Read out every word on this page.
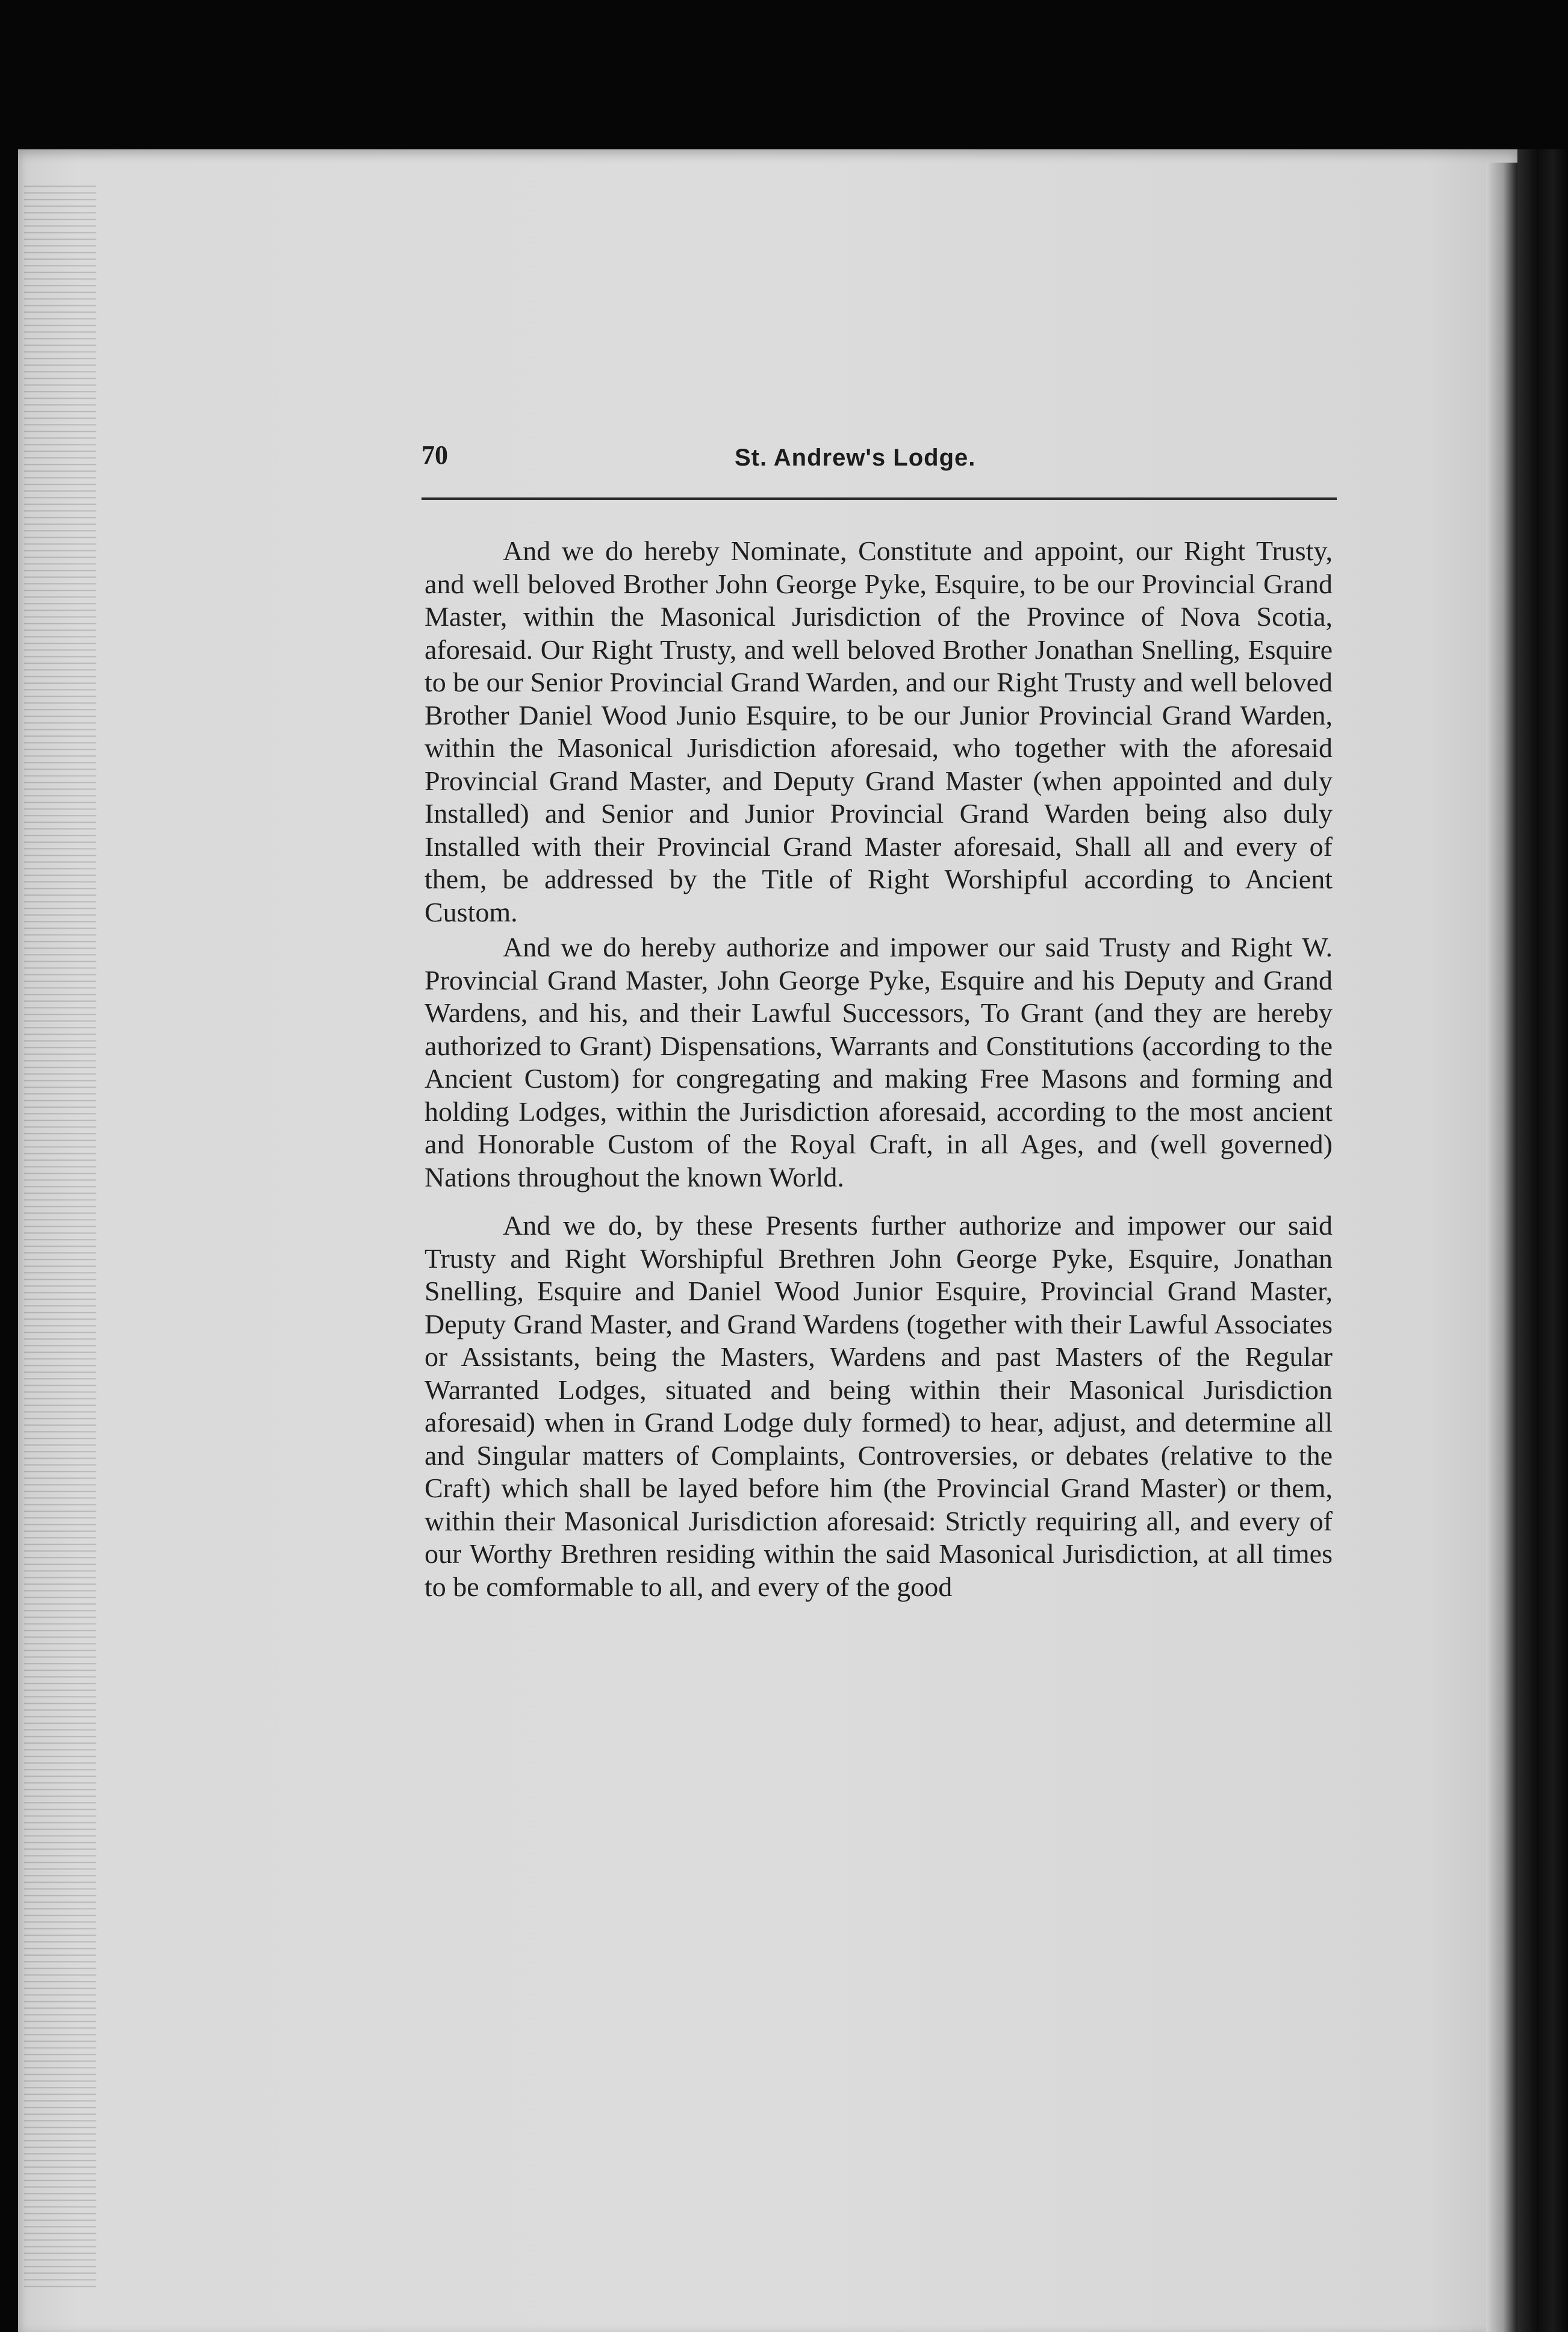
70	St. Andrew's Lodge.

And we do hereby Nominate, Constitute and appoint, our Right Trusty, and well beloved Brother John George Pyke, Esquire, to be our Provincial Grand Master, within the Masonical Jurisdiction of the Province of Nova Scotia, aforesaid. Our Right Trusty, and well beloved Brother Jonathan Snelling, Esquire to be our Senior Provincial Grand Warden, and our Right Trusty and well beloved Brother Daniel Wood Junio Esquire, to be our Junior Provincial Grand Warden, within the Masonical Jurisdiction aforesaid, who together with the aforesaid Provincial Grand Master, and Deputy Grand Master (when appointed and duly Installed) and Senior and Junior Provincial Grand Warden being also duly Installed with their Provincial Grand Master aforesaid, Shall all and every of them, be addressed by the Title of Right Worshipful according to Ancient Custom.

And we do hereby authorize and impower our said Trusty and Right W. Provincial Grand Master, John George Pyke, Esquire and his Deputy and Grand Wardens, and his, and their Lawful Successors, To Grant (and they are hereby authorized to Grant) Dispensations, Warrants and Constitutions (according to the Ancient Custom) for congregating and making Free Masons and forming and holding Lodges, within the Jurisdiction aforesaid, according to the most ancient and Honorable Custom of the Royal Craft, in all Ages, and (well governed) Nations throughout the known World.

And we do, by these Presents further authorize and impower our said Trusty and Right Worshipful Brethren John George Pyke, Esquire, Jonathan Snelling, Esquire and Daniel Wood Junior Esquire, Provincial Grand Master, Deputy Grand Master, and Grand Wardens (together with their Lawful Associates or Assistants, being the Masters, Wardens and past Masters of the Regular Warranted Lodges, situated and being within their Masonical Jurisdiction aforesaid) when in Grand Lodge duly formed) to hear, adjust, and determine all and Singular matters of Complaints, Controversies, or debates (relative to the Craft) which shall be layed before him (the Provincial Grand Master) or them, within their Masonical Jurisdiction aforesaid: Strictly requiring all, and every of our Worthy Brethren residing within the said Masonical Jurisdiction, at all times to be comformable to all, and every of the good
